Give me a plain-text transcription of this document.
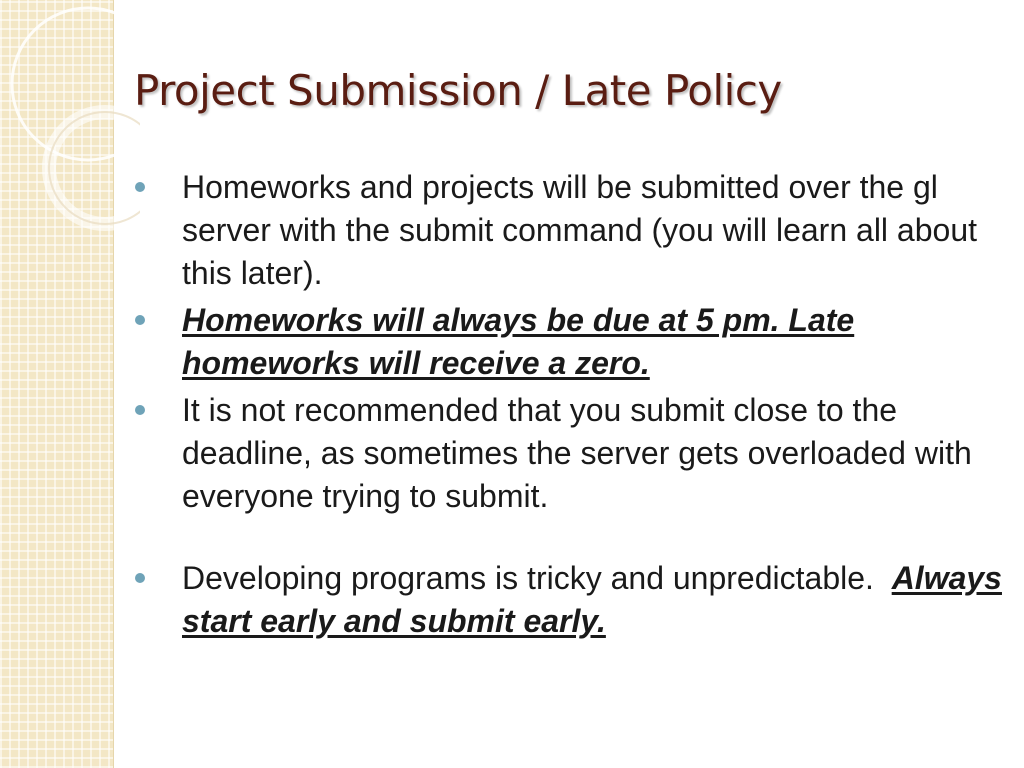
Project Submission / Late Policy
Homeworks and projects will be submitted over the gl server with the submit command (you will learn all about this later).
Homeworks will always be due at 5 pm. Late homeworks will receive a zero.
It is not recommended that you submit close to the deadline, as sometimes the server gets overloaded with everyone trying to submit.
Developing programs is tricky and unpredictable. Always start early and submit early.
